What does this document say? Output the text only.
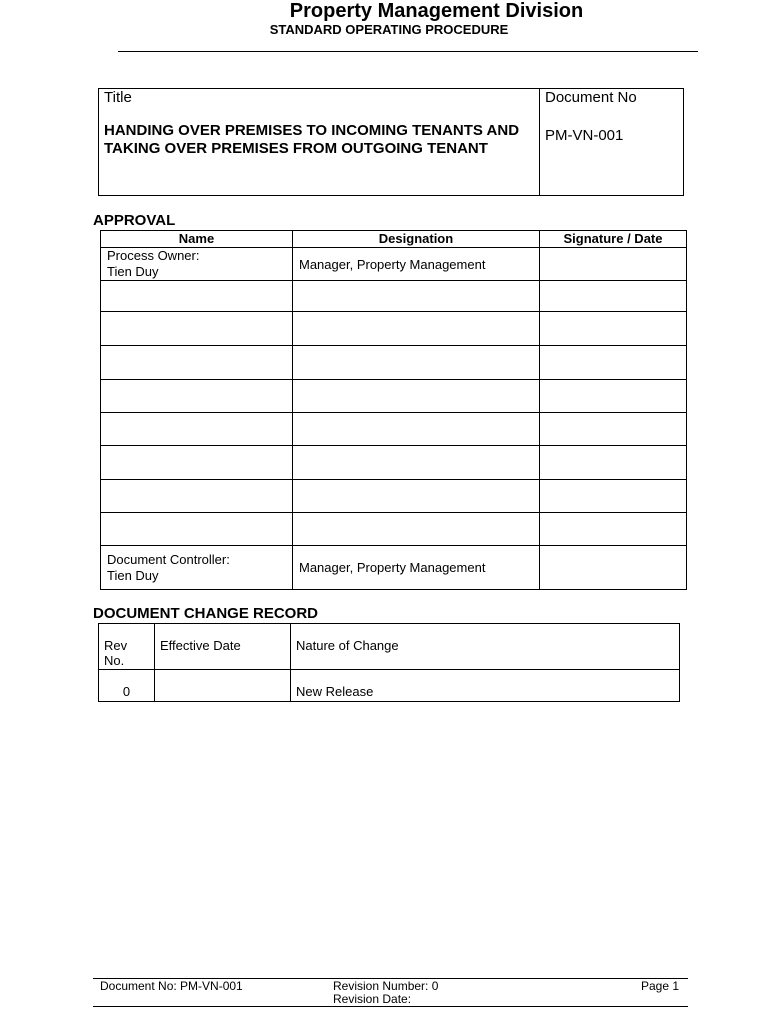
Property Management Division
STANDARD OPERATING PROCEDURE
Title
HANDING OVER PREMISES TO INCOMING TENANTS AND TAKING OVER PREMISES FROM OUTGOING TENANT
Document No
PM-VN-001
APPROVAL
Name	Designation	Signature / Date

Process Owner:
Tien Duy	Manager, Property Management	

Document Controller:
Tien Duy	Manager, Property Management	
DOCUMENT CHANGE RECORD
Rev No.	Effective Date	Nature of Change
0		New Release
Document No: PM-VN-001	Revision Number: 0
Revision Date:
Page 1
